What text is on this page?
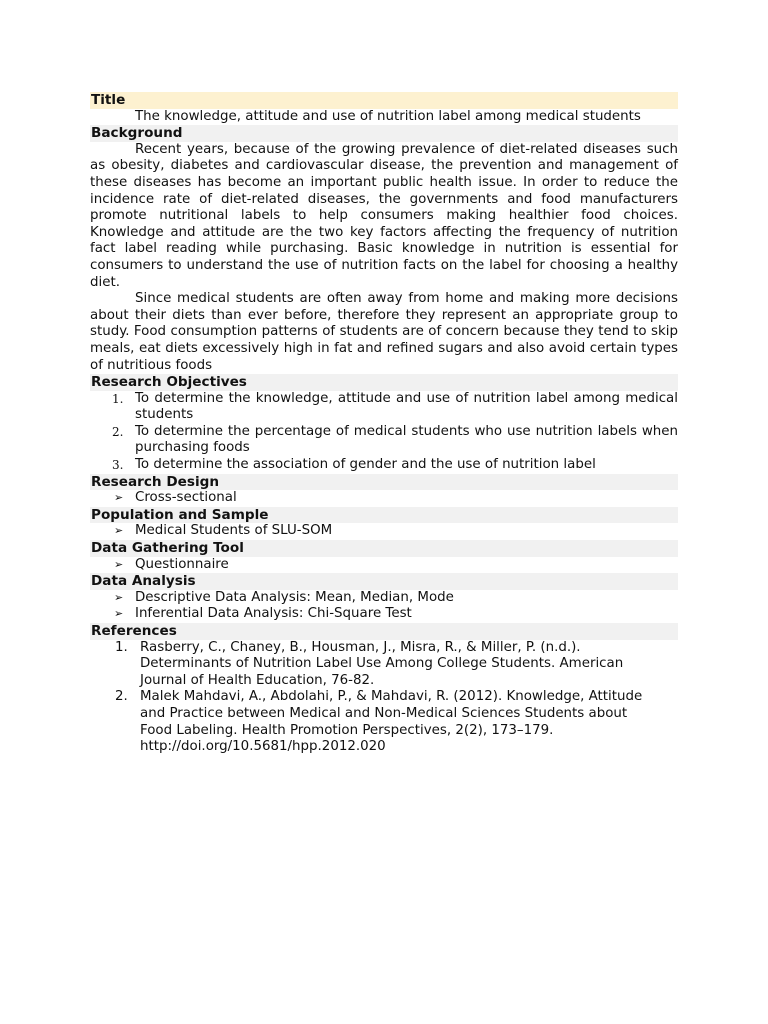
Title
The knowledge, attitude and use of nutrition label among medical students
Background

Recent years, because of the growing prevalence of diet-related diseases such as obesity, diabetes and cardiovascular disease, the prevention and management of these diseases has become an important public health issue. In order to reduce the incidence rate of diet-related diseases, the governments and food manufacturers promote nutritional labels to help consumers making healthier food choices. Knowledge and attitude are the two key factors affecting the frequency of nutrition fact label reading while purchasing. Basic knowledge in nutrition is essential for consumers to understand the use of nutrition facts on the label for choosing a healthy diet.

Since medical students are often away from home and making more decisions about their diets than ever before, therefore they represent an appropriate group to study. Food consumption patterns of students are of concern because they tend to skip meals, eat diets excessively high in fat and refined sugars and also avoid certain types of nutritious foods

Research Objectives
1. To determine the knowledge, attitude and use of nutrition label among medical students
2. To determine the percentage of medical students who use nutrition labels when purchasing foods
3. To determine the association of gender and the use of nutrition label
Research Design
➢ Cross-sectional
Population and Sample
➢ Medical Students of SLU-SOM
Data Gathering Tool
➢ Questionnaire
Data Analysis
➢ Descriptive Data Analysis: Mean, Median, Mode
➢ Inferential Data Analysis: Chi-Square Test
References
1. Rasberry, C., Chaney, B., Housman, J., Misra, R., & Miller, P. (n.d.).
Determinants of Nutrition Label Use Among College Students. American
Journal of Health Education, 76-82.
2. Malek Mahdavi, A., Abdolahi, P., & Mahdavi, R. (2012). Knowledge, Attitude
and Practice between Medical and Non-Medical Sciences Students about
Food Labeling. Health Promotion Perspectives, 2(2), 173–179.
http://doi.org/10.5681/hpp.2012.020
